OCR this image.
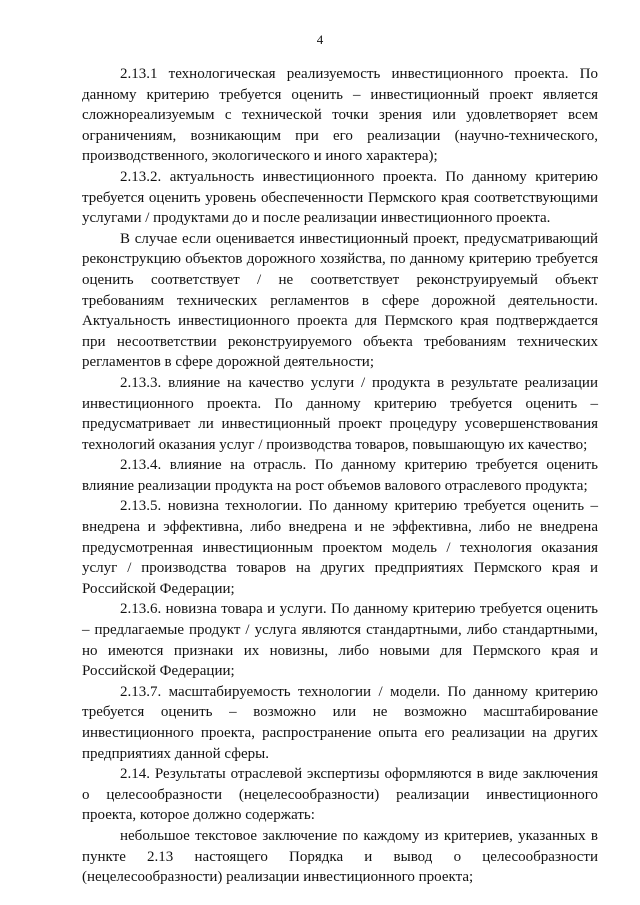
4

2.13.1 технологическая реализуемость инвестиционного проекта. По данному критерию требуется оценить – инвестиционный проект является сложнореализуемым с технической точки зрения или удовлетворяет всем ограничениям, возникающим при его реализации (научно-технического, производственного, экологического и иного характера);

2.13.2. актуальность инвестиционного проекта. По данному критерию требуется оценить уровень обеспеченности Пермского края соответствующими услугами / продуктами до и после реализации инвестиционного проекта.

В случае если оценивается инвестиционный проект, предусматривающий реконструкцию объектов дорожного хозяйства, по данному критерию требуется оценить соответствует / не соответствует реконструируемый объект требованиям технических регламентов в сфере дорожной деятельности. Актуальность инвестиционного проекта для Пермского края подтверждается при несоответствии реконструируемого объекта требованиям технических регламентов в сфере дорожной деятельности;

2.13.3. влияние на качество услуги / продукта в результате реализации инвестиционного проекта. По данному критерию требуется оценить – предусматривает ли инвестиционный проект процедуру усовершенствования технологий оказания услуг / производства товаров, повышающую их качество;

2.13.4. влияние на отрасль. По данному критерию требуется оценить влияние реализации продукта на рост объемов валового отраслевого продукта;

2.13.5. новизна технологии. По данному критерию требуется оценить – внедрена и эффективна, либо внедрена и не эффективна, либо не внедрена предусмотренная инвестиционным проектом модель / технология оказания услуг / производства товаров на других предприятиях Пермского края и Российской Федерации;

2.13.6. новизна товара и услуги. По данному критерию требуется оценить – предлагаемые продукт / услуга являются стандартными, либо стандартными, но имеются признаки их новизны, либо новыми для Пермского края и Российской Федерации;

2.13.7. масштабируемость технологии / модели. По данному критерию требуется оценить – возможно или не возможно масштабирование инвестиционного проекта, распространение опыта его реализации на других предприятиях данной сферы.

2.14. Результаты отраслевой экспертизы оформляются в виде заключения о целесообразности (нецелесообразности) реализации инвестиционного проекта, которое должно содержать:

небольшое текстовое заключение по каждому из критериев, указанных в пункте 2.13 настоящего Порядка и вывод о целесообразности (нецелесообразности) реализации инвестиционного проекта;
